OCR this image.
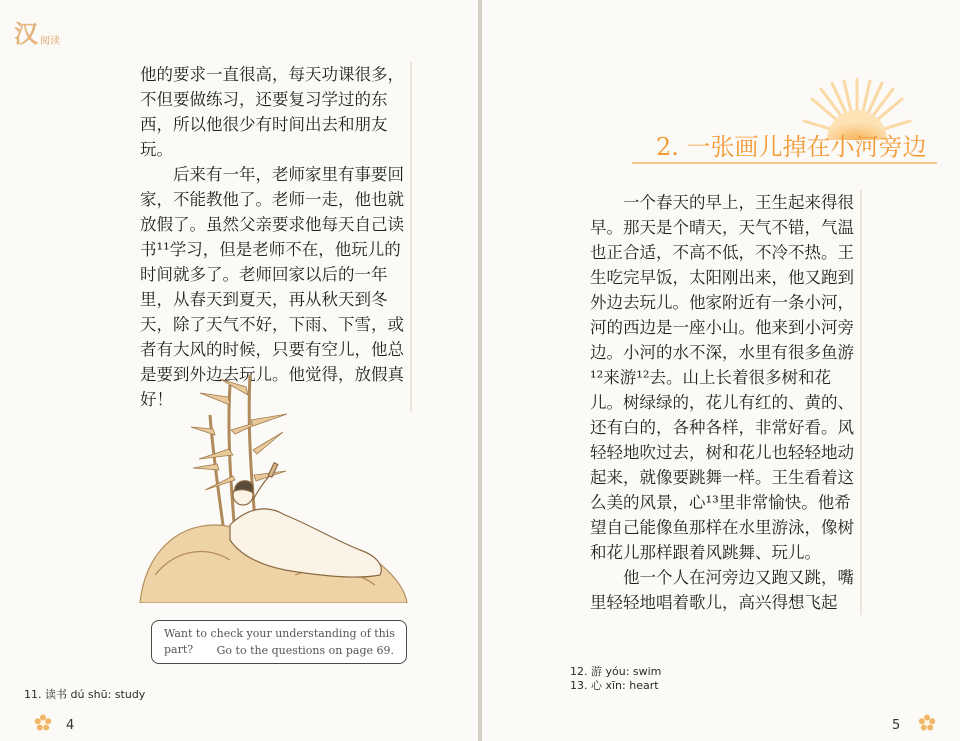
汉 阅读

他的要求一直很高，每天功课很多，不但要做练习，还要复习学过的东西，所以他很少有时间出去和朋友玩。

后来有一年，老师家里有事要回家，不能教他了。老师一走，他也就放假了。虽然父亲要求他每天自己读书¹¹学习，但是老师不在，他玩儿的时间就多了。老师回家以后的一年里，从春天到夏天，再从秋天到冬天，除了天气不好，下雨、下雪，或者有大风的时候，只要有空儿，他总是要到外边去玩儿。他觉得，放假真好！

Want to check your understanding of this part?	Go to the questions on page 69.
11. 读书 dú shū: study
4
2. 一张画儿掉在小河旁边

一个春天的早上，王生起来得很早。那天是个晴天，天气不错，气温也正合适，不高不低，不冷不热。王生吃完早饭，太阳刚出来，他又跑到外边去玩儿。他家附近有一条小河，河的西边是一座小山。他来到小河旁边。小河的水不深，水里有很多鱼游¹²来游¹²去。山上长着很多树和花儿。树绿绿的，花儿有红的、黄的、还有白的，各种各样，非常好看。风轻轻地吹过去，树和花儿也轻轻地动起来，就像要跳舞一样。王生看着这么美的风景，心¹³里非常愉快。他希望自己能像鱼那样在水里游泳，像树和花儿那样跟着风跳舞、玩儿。

他一个人在河旁边又跑又跳，嘴里轻轻地唱着歌儿，高兴得想飞起

12. 游 yóu: swim
13. 心 xīn: heart
5
